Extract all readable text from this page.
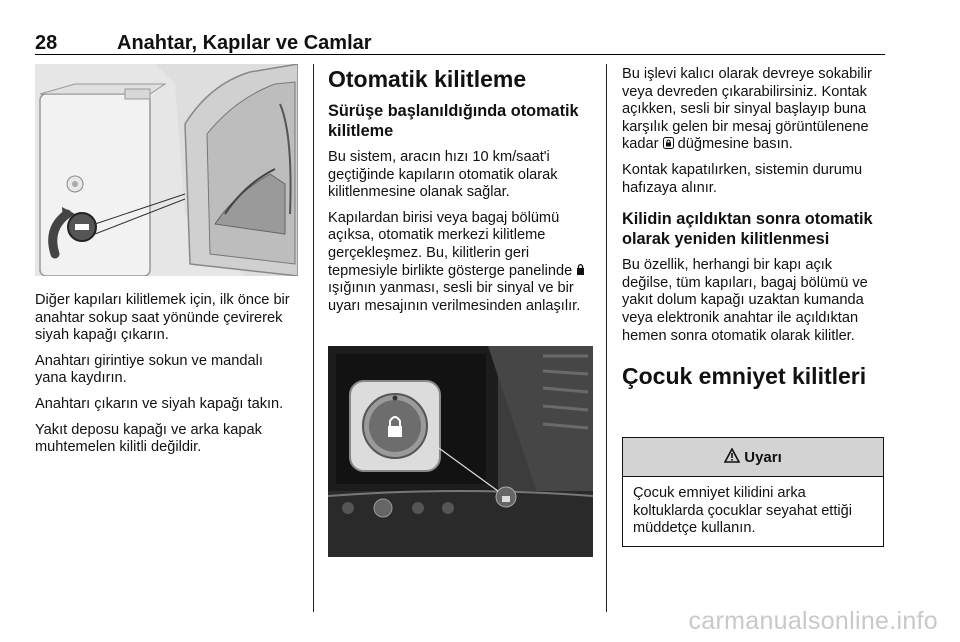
28	Anahtar, Kapılar ve Camlar

Diğer kapıları kilitlemek için, ilk önce bir anahtar sokup saat yönünde çevirerek siyah kapağı çıkarın.

Anahtarı girintiye sokun ve mandalı yana kaydırın.

Anahtarı çıkarın ve siyah kapağı takın.

Yakıt deposu kapağı ve arka kapak muhtemelen kilitli değildir.

Otomatik kilitleme
Sürüşe başlanıldığında otomatik kilitleme

Bu sistem, aracın hızı 10 km/saat'i geçtiğinde kapıların otomatik olarak kilitlenmesine olanak sağlar.

Kapılardan birisi veya bagaj bölümü açıksa, otomatik merkezi kilitleme gerçekleşmez. Bu, kilitlerin geri tepmesiyle birlikte gösterge panelinde  ışığının yanması, sesli bir sinyal ve bir uyarı mesajının verilmesinden anlaşılır.

Bu işlevi kalıcı olarak devreye sokabilir veya devreden çıkarabilirsiniz. Kontak açıkken, sesli bir sinyal başlayıp buna karşılık gelen bir mesaj görüntülenene kadar  düğmesine basın.

Kontak kapatılırken, sistemin durumu hafızaya alınır.

Kilidin açıldıktan sonra otomatik olarak yeniden kilitlenmesi

Bu özellik, herhangi bir kapı açık değilse, tüm kapıları, bagaj bölümü ve yakıt dolum kapağı uzaktan kumanda veya elektronik anahtar ile açıldıktan hemen sonra otomatik olarak kilitler.

Çocuk emniyet kilitleri
Uyarı
Çocuk emniyet kilidini arka koltuklarda çocuklar seyahat ettiği müddetçe kullanın.
carmanualsonline.info
